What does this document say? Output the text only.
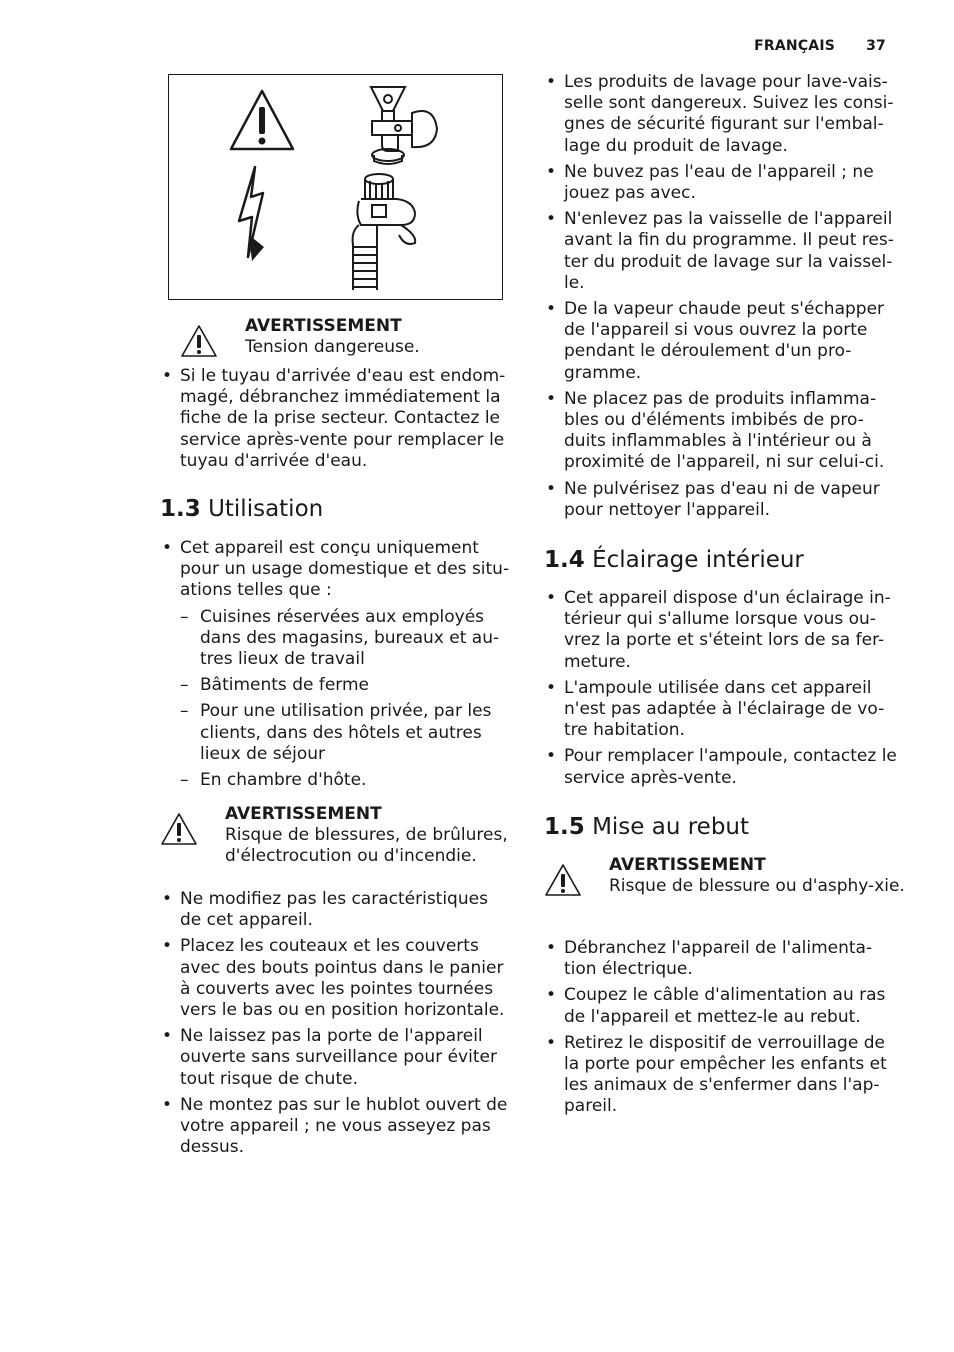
FRANÇAIS 37
AVERTISSEMENT
Tension dangereuse.
• Si le tuyau d'arrivée d'eau est endom-magé, débranchez immédiatement la fiche de la prise secteur. Contactez le service après-vente pour remplacer le tuyau d'arrivée d'eau.
1.3 Utilisation
• Cet appareil est conçu uniquement pour un usage domestique et des situ-ations telles que :
– Cuisines réservées aux employés dans des magasins, bureaux et au-tres lieux de travail
– Bâtiments de ferme
– Pour une utilisation privée, par les clients, dans des hôtels et autres lieux de séjour
– En chambre d'hôte.
AVERTISSEMENT
Risque de blessures, de brûlures, d'électrocution ou d'incendie.
• Ne modifiez pas les caractéristiques de cet appareil.
• Placez les couteaux et les couverts avec des bouts pointus dans le panier à couverts avec les pointes tournées vers le bas ou en position horizontale.
• Ne laissez pas la porte de l'appareil ouverte sans surveillance pour éviter tout risque de chute.
• Ne montez pas sur le hublot ouvert de votre appareil ; ne vous asseyez pas dessus.
• Les produits de lavage pour lave-vais-selle sont dangereux. Suivez les consi-gnes de sécurité figurant sur l'embal-lage du produit de lavage.
• Ne buvez pas l'eau de l'appareil ; ne jouez pas avec.
• N'enlevez pas la vaisselle de l'appareil avant la fin du programme. Il peut res-ter du produit de lavage sur la vaissel-le.
• De la vapeur chaude peut s'échapper de l'appareil si vous ouvrez la porte pendant le déroulement d'un pro-gramme.
• Ne placez pas de produits inflamma-bles ou d'éléments imbibés de pro-duits inflammables à l'intérieur ou à proximité de l'appareil, ni sur celui-ci.
• Ne pulvérisez pas d'eau ni de vapeur pour nettoyer l'appareil.
1.4 Éclairage intérieur
• Cet appareil dispose d'un éclairage in-térieur qui s'allume lorsque vous ou-vrez la porte et s'éteint lors de sa fer-meture.
• L'ampoule utilisée dans cet appareil n'est pas adaptée à l'éclairage de vo-tre habitation.
• Pour remplacer l'ampoule, contactez le service après-vente.
1.5 Mise au rebut
AVERTISSEMENT
Risque de blessure ou d'asphy-xie.
• Débranchez l'appareil de l'alimenta-tion électrique.
• Coupez le câble d'alimentation au ras de l'appareil et mettez-le au rebut.
• Retirez le dispositif de verrouillage de la porte pour empêcher les enfants et les animaux de s'enfermer dans l'ap-pareil.
